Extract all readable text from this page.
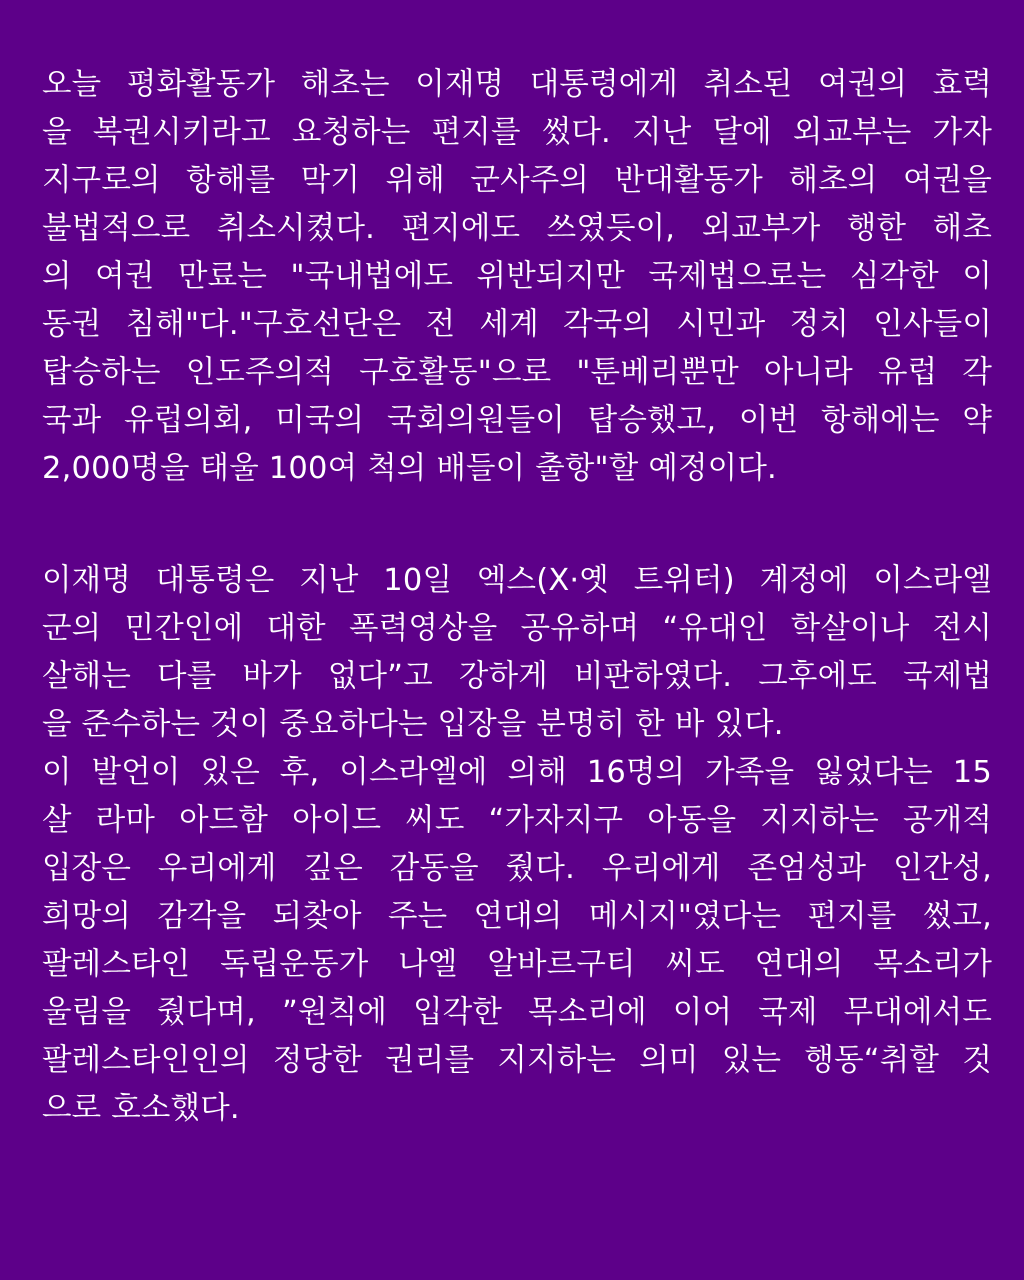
오늘 평화활동가 해초는 이재명 대통령에게 취소된 여권의 효력
을 복권시키라고 요청하는 편지를 썼다. 지난 달에 외교부는 가자
지구로의 항해를 막기 위해 군사주의 반대활동가 해초의 여권을
불법적으로 취소시켰다. 편지에도 쓰였듯이, 외교부가 행한 해초
의 여권 만료는 "국내법에도 위반되지만 국제법으로는 심각한 이
동권 침해"다."구호선단은 전 세계 각국의 시민과 정치 인사들이
탑승하는 인도주의적 구호활동"으로 "툰베리뿐만 아니라 유럽 각
국과 유럽의회, 미국의 국회의원들이 탑승했고, 이번 항해에는 약
2,000명을 태울 100여 척의 배들이 출항"할 예정이다.
이재명 대통령은 지난 10일 엑스(X·옛 트위터) 계정에 이스라엘
군의 민간인에 대한 폭력영상을 공유하며 “유대인 학살이나 전시
살해는 다를 바가 없다”고 강하게 비판하였다. 그후에도 국제법
을 준수하는 것이 중요하다는 입장을 분명히 한 바 있다.
이 발언이 있은 후, 이스라엘에 의해 16명의 가족을 잃었다는 15
살 라마 아드함 아이드 씨도 “가자지구 아동을 지지하는 공개적
입장은 우리에게 깊은 감동을 줬다. 우리에게 존엄성과 인간성,
희망의 감각을 되찾아 주는 연대의 메시지"였다는 편지를 썼고,
팔레스타인 독립운동가 나엘 알바르구티 씨도 연대의 목소리가
울림을 줬다며, ”원칙에 입각한 목소리에 이어 국제 무대에서도
팔레스타인인의 정당한 권리를 지지하는 의미 있는 행동“취할 것
으로 호소했다.
